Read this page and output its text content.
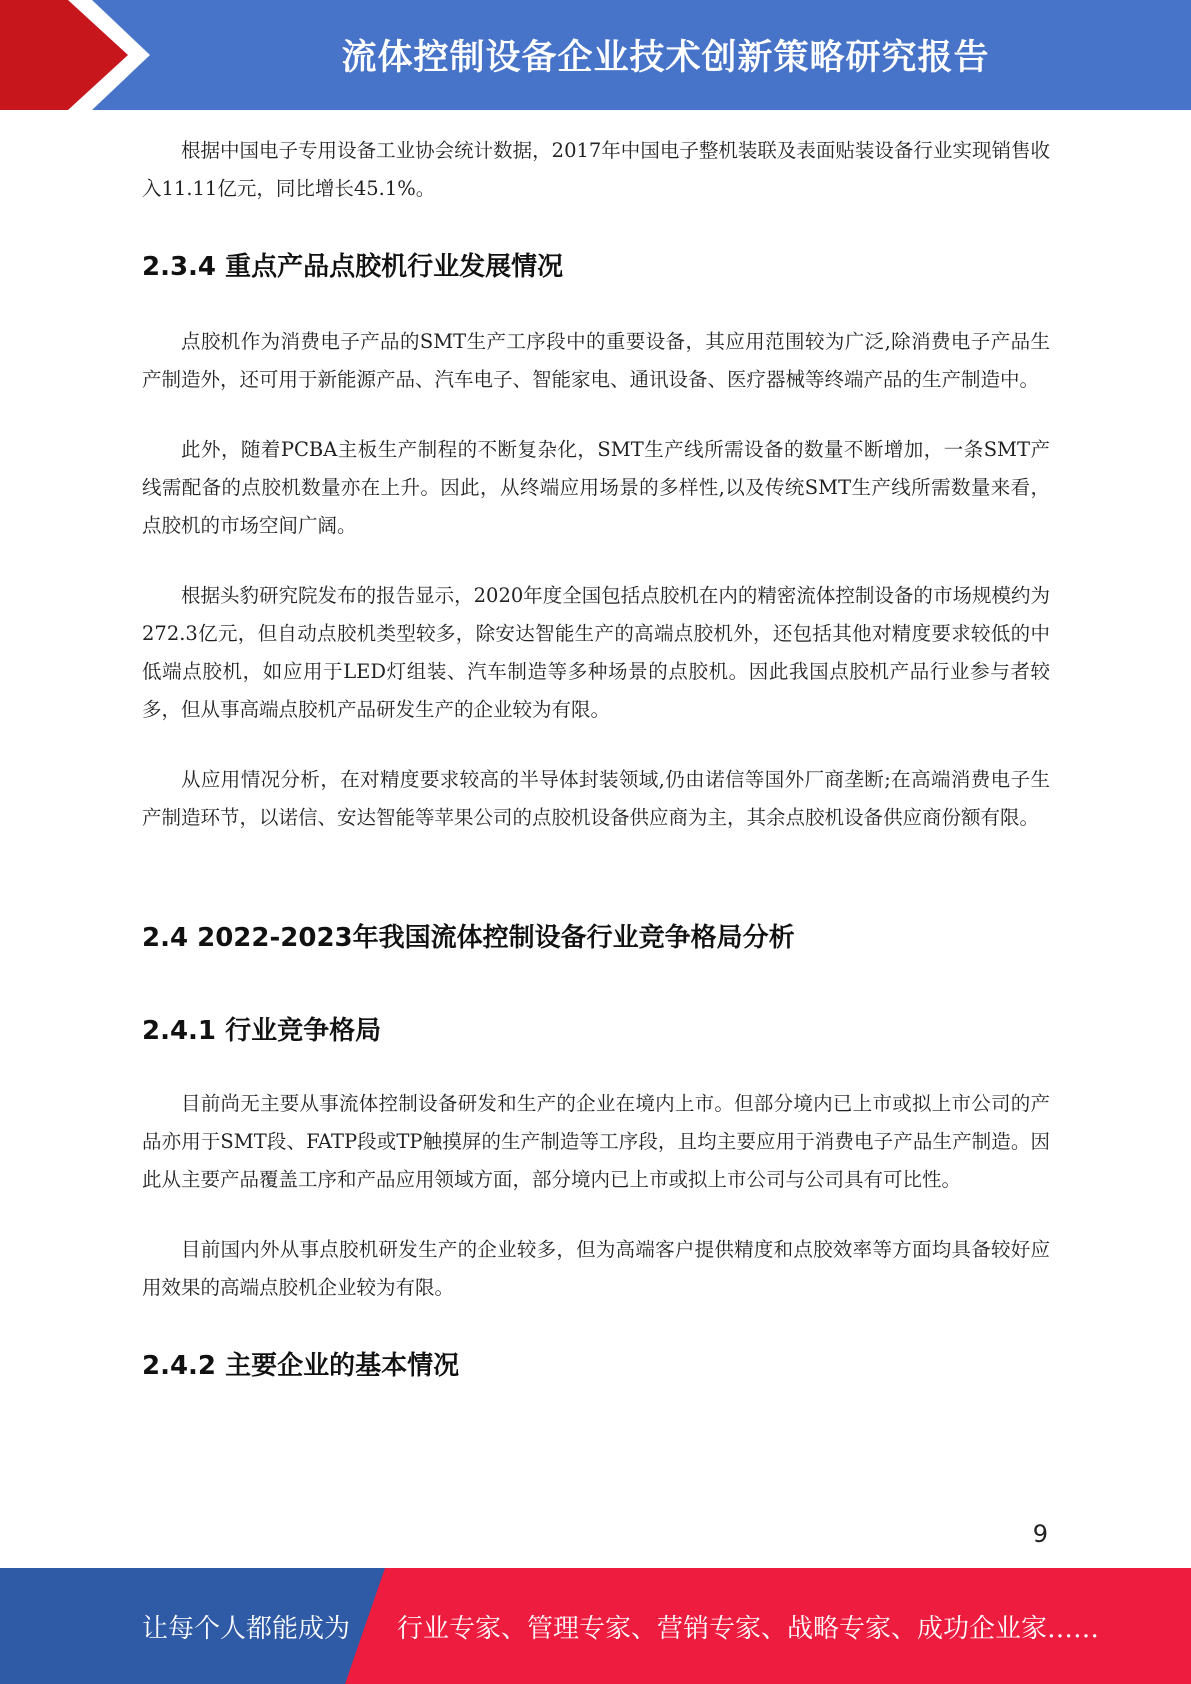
流体控制设备企业技术创新策略研究报告

根据中国电子专用设备工业协会统计数据，2017年中国电子整机装联及表面贴装设备行业实现销售收入11.11亿元，同比增长45.1%。

2.3.4 重点产品点胶机行业发展情况

点胶机作为消费电子产品的SMT生产工序段中的重要设备，其应用范围较为广泛,除消费电子产品生产制造外，还可用于新能源产品、汽车电子、智能家电、通讯设备、医疗器械等终端产品的生产制造中。

此外，随着PCBA主板生产制程的不断复杂化，SMT生产线所需设备的数量不断增加，一条SMT产线需配备的点胶机数量亦在上升。因此，从终端应用场景的多样性,以及传统SMT生产线所需数量来看，点胶机的市场空间广阔。

根据头豹研究院发布的报告显示，2020年度全国包括点胶机在内的精密流体控制设备的市场规模约为272.3亿元，但自动点胶机类型较多，除安达智能生产的高端点胶机外，还包括其他对精度要求较低的中低端点胶机，如应用于LED灯组装、汽车制造等多种场景的点胶机。因此我国点胶机产品行业参与者较多，但从事高端点胶机产品研发生产的企业较为有限。

从应用情况分析，在对精度要求较高的半导体封装领域,仍由诺信等国外厂商垄断;在高端消费电子生产制造环节，以诺信、安达智能等苹果公司的点胶机设备供应商为主，其余点胶机设备供应商份额有限。

2.4 2022-2023年我国流体控制设备行业竞争格局分析
2.4.1 行业竞争格局

目前尚无主要从事流体控制设备研发和生产的企业在境内上市。但部分境内已上市或拟上市公司的产品亦用于SMT段、FATP段或TP触摸屏的生产制造等工序段，且均主要应用于消费电子产品生产制造。因此从主要产品覆盖工序和产品应用领域方面，部分境内已上市或拟上市公司与公司具有可比性。

目前国内外从事点胶机研发生产的企业较多，但为高端客户提供精度和点胶效率等方面均具备较好应用效果的高端点胶机企业较为有限。

2.4.2 主要企业的基本情况
9
让每个人都能成为 行业专家、管理专家、营销专家、战略专家、成功企业家……
